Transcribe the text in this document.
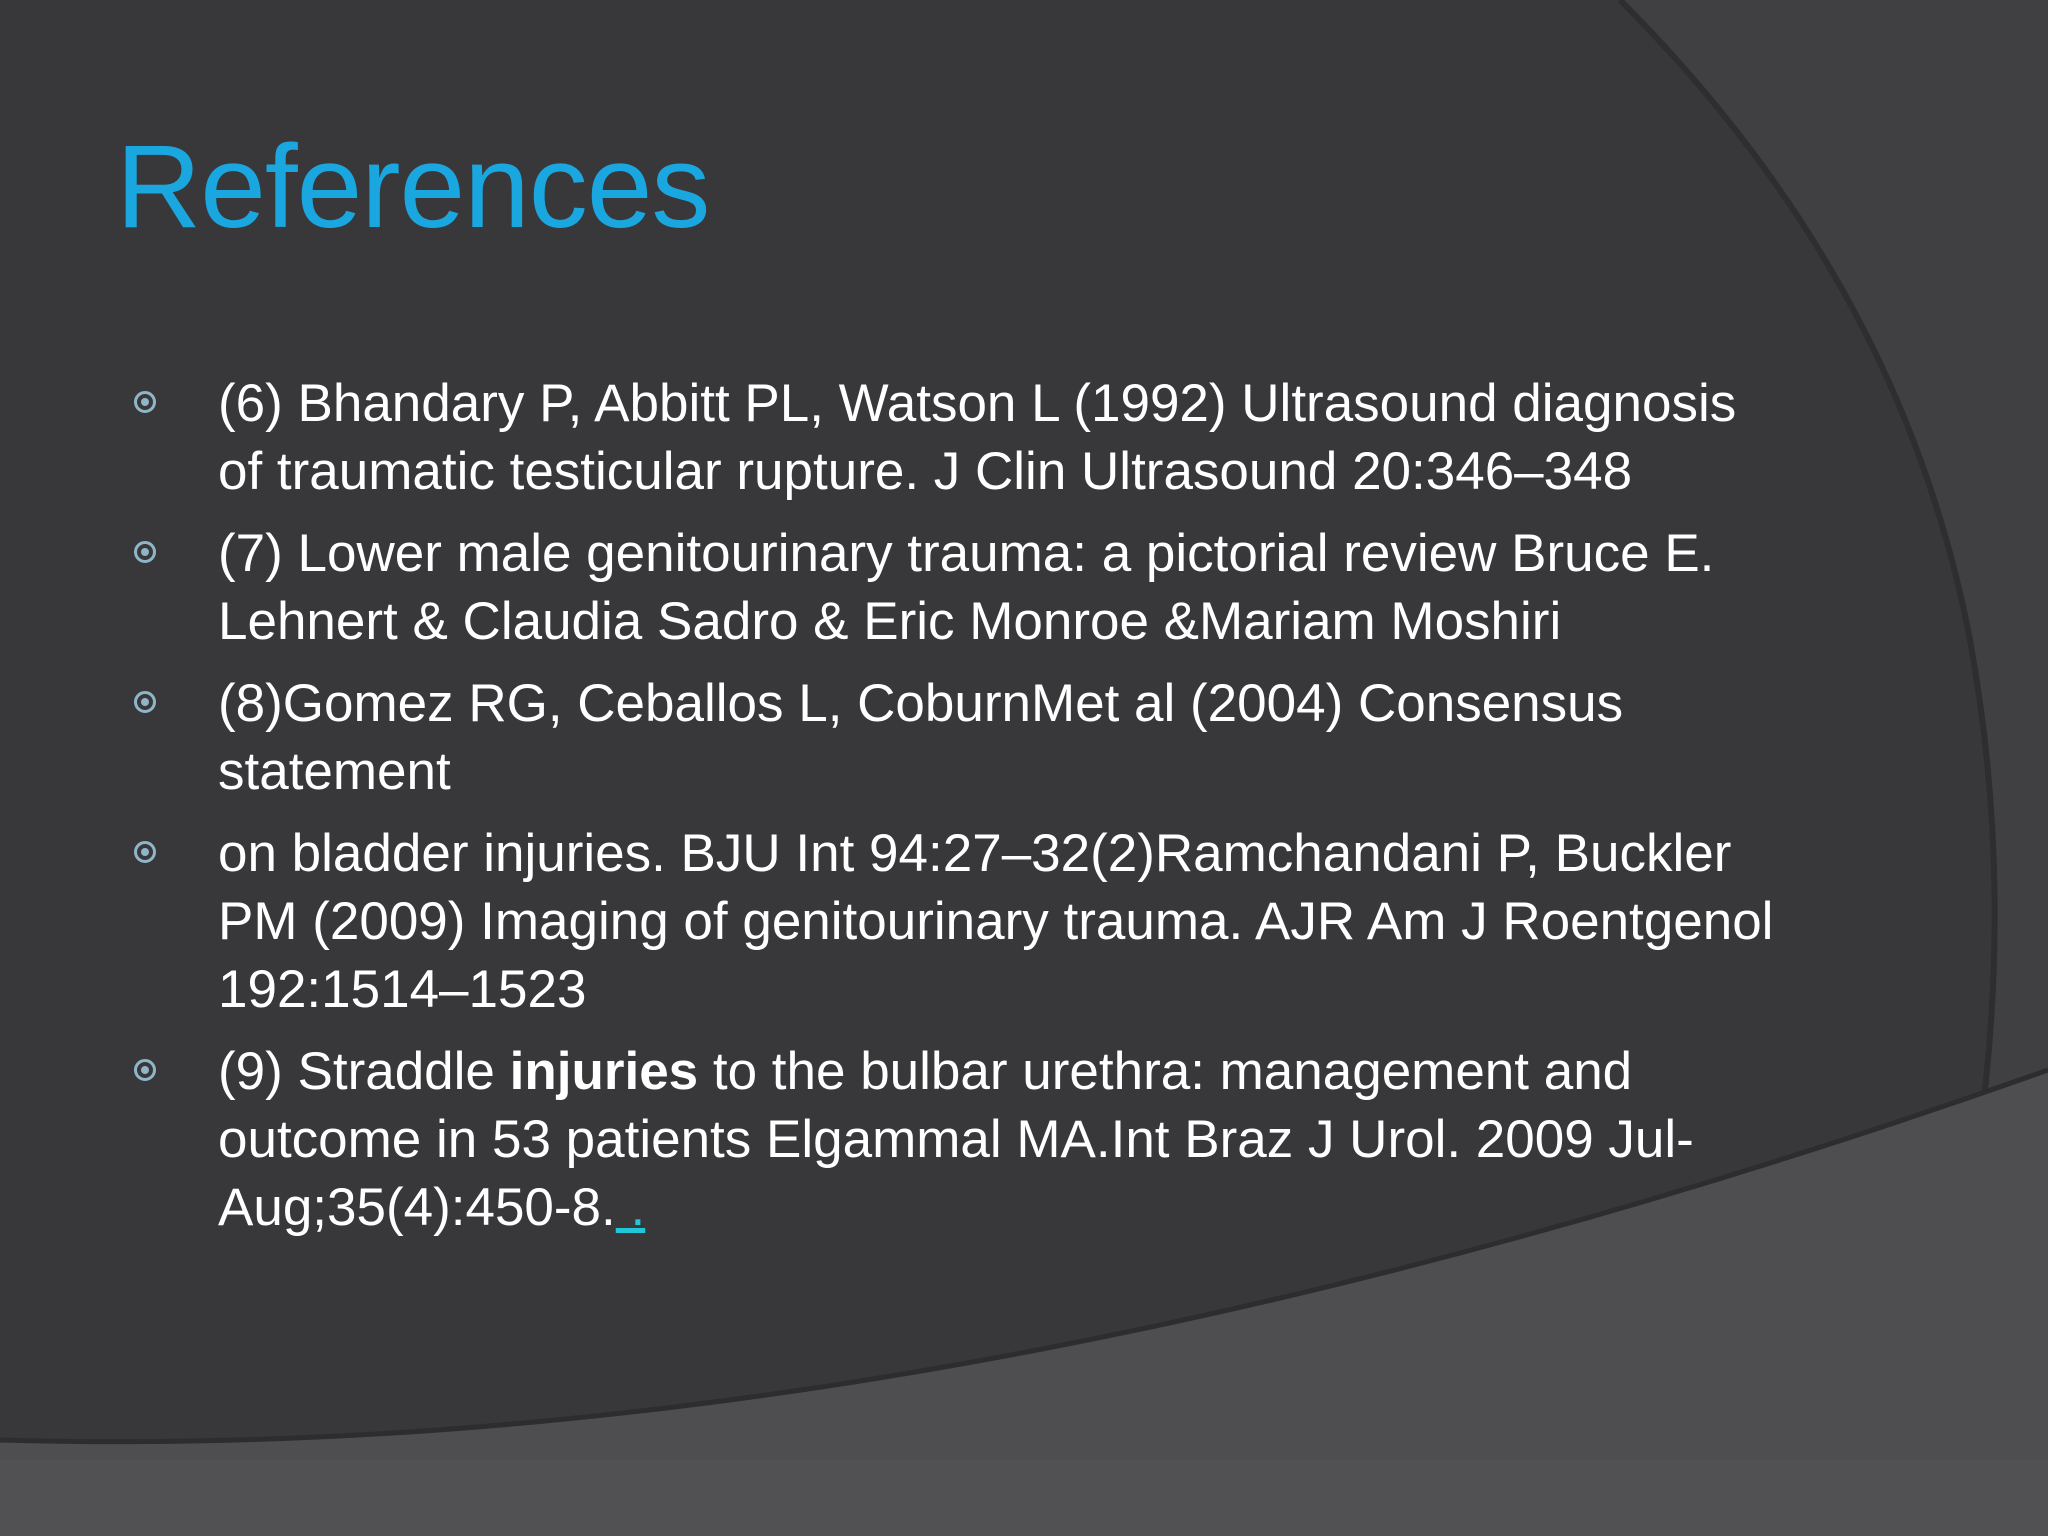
References
(6) Bhandary P, Abbitt PL, Watson L (1992) Ultrasound diagnosis of traumatic testicular rupture. J Clin Ultrasound 20:346–348
(7) Lower male genitourinary trauma: a pictorial review Bruce E. Lehnert & Claudia Sadro & Eric Monroe &Mariam Moshiri
(8)Gomez RG, Ceballos L, CoburnMet al (2004) Consensus statement
on bladder injuries. BJU Int 94:27–32(2)Ramchandani P, Buckler PM (2009) Imaging of genitourinary trauma. AJR Am J Roentgenol 192:1514–1523
(9) Straddle injuries to the bulbar urethra: management and outcome in 53 patients Elgammal MA.Int Braz J Urol. 2009 Jul-Aug;35(4):450-8. .
